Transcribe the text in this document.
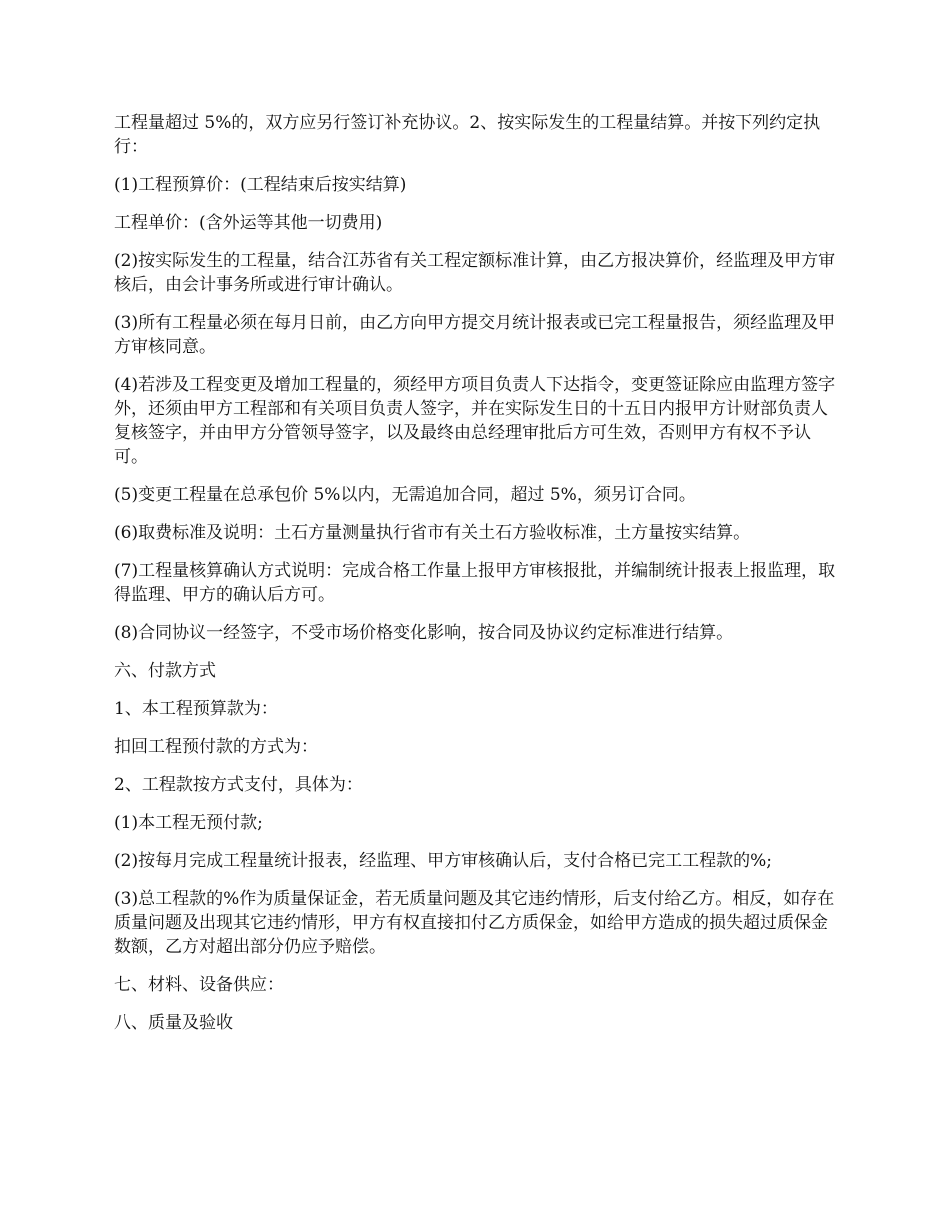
工程量超过 5%的，双方应另行签订补充协议。2、按实际发生的工程量结算。并按下列约定执行：

(1)工程预算价：(工程结束后按实结算)

工程单价：(含外运等其他一切费用)

(2)按实际发生的工程量，结合江苏省有关工程定额标准计算，由乙方报决算价，经监理及甲方审核后，由会计事务所或进行审计确认。

(3)所有工程量必须在每月日前，由乙方向甲方提交月统计报表或已完工程量报告，须经监理及甲方审核同意。

(4)若涉及工程变更及增加工程量的，须经甲方项目负责人下达指令，变更签证除应由监理方签字外，还须由甲方工程部和有关项目负责人签字，并在实际发生日的十五日内报甲方计财部负责人复核签字，并由甲方分管领导签字，以及最终由总经理审批后方可生效，否则甲方有权不予认可。

(5)变更工程量在总承包价 5%以内，无需追加合同，超过 5%，须另订合同。

(6)取费标准及说明：土石方量测量执行省市有关土石方验收标准，土方量按实结算。

(7)工程量核算确认方式说明：完成合格工作量上报甲方审核报批，并编制统计报表上报监理，取得监理、甲方的确认后方可。

(8)合同协议一经签字，不受市场价格变化影响，按合同及协议约定标准进行结算。

六、付款方式

1、本工程预算款为：

扣回工程预付款的方式为：

2、工程款按方式支付，具体为：

(1)本工程无预付款;

(2)按每月完成工程量统计报表，经监理、甲方审核确认后，支付合格已完工工程款的%;

(3)总工程款的%作为质量保证金，若无质量问题及其它违约情形，后支付给乙方。相反，如存在质量问题及出现其它违约情形，甲方有权直接扣付乙方质保金，如给甲方造成的损失超过质保金数额，乙方对超出部分仍应予赔偿。

七、材料、设备供应：

八、质量及验收
